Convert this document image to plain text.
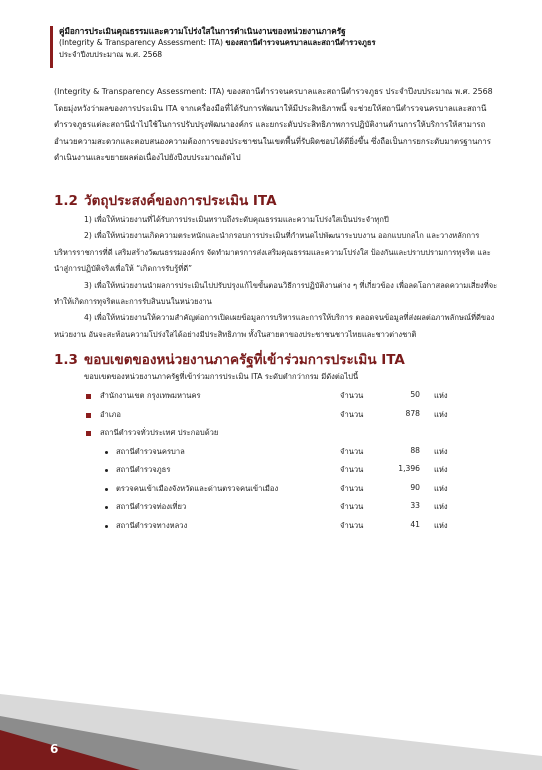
คู่มือการประเมินคุณธรรมและความโปร่งใสในการดำเนินงานของหน่วยงานภาครัฐ
(Integrity & Transparency Assessment: ITA) ของสถานีตำรวจนครบาลและสถานีตำรวจภูธร
ประจำปีงบประมาณ พ.ศ. 2568
(Integrity & Transparency Assessment: ITA) ของสถานีตำรวจนครบาลและสถานีตำรวจภูธร ประจำปีงบประมาณ พ.ศ. 2568 โดยมุ่งหวังว่าผลของการประเมิน ITA จากเครื่องมือที่ได้รับการพัฒนาให้มีประสิทธิภาพนี้ จะช่วยให้สถานีตำรวจนครบาลและสถานีตำรวจภูธรแต่ละสถานีนำไปใช้ในการปรับปรุงพัฒนาองค์กร และยกระดับประสิทธิภาพการปฏิบัติงานด้านการให้บริการให้สามารถอำนวยความสะดวกและตอบสนองความต้องการของประชาชนในเขตพื้นที่รับผิดชอบได้ดียิ่งขึ้น ซึ่งถือเป็นการยกระดับมาตรฐานการดำเนินงานและขยายผลต่อเนื่องไปยังปีงบประมาณถัดไป
1.2 วัตถุประสงค์ของการประเมิน ITA

1) เพื่อให้หน่วยงานที่ได้รับการประเมินทราบถึงระดับคุณธรรมและความโปร่งใสเป็นประจำทุกปี

2) เพื่อให้หน่วยงานเกิดความตระหนักและนำกรอบการประเมินที่กำหนดไปพัฒนาระบบงาน ออกแบบกลไก และวางหลักการบริหารราชการที่ดี เสริมสร้างวัฒนธรรมองค์กร จัดทำมาตรการส่งเสริมคุณธรรมและความโปร่งใส ป้องกันและปราบปรามการทุจริต และนำสู่การปฏิบัติจริงเพื่อให้ “เกิดการรับรู้ที่ดี”

3) เพื่อให้หน่วยงานนำผลการประเมินไปปรับปรุงแก้ไขขั้นตอนวิธีการปฏิบัติงานต่าง ๆ ที่เกี่ยวข้อง เพื่อลดโอกาสลดความเสี่ยงที่จะทำให้เกิดการทุจริตและการรับสินบนในหน่วยงาน

4) เพื่อให้หน่วยงานให้ความสำคัญต่อการเปิดเผยข้อมูลการบริหารและการให้บริการ ตลอดจนข้อมูลที่ส่งผลต่อภาพลักษณ์ที่ดีของหน่วยงาน อันจะสะท้อนความโปร่งใสได้อย่างมีประสิทธิภาพ ทั้งในสายตาของประชาชนชาวไทยและชาวต่างชาติ

1.3 ขอบเขตของหน่วยงานภาครัฐที่เข้าร่วมการประเมิน ITA
ขอบเขตของหน่วยงานภาครัฐที่เข้าร่วมการประเมิน ITA ระดับตำกว่ากรม มีดังต่อไปนี้
สำนักงานเขต กรุงเทพมหานคร	จำนวน	50 แห่ง
อำเภอ	จำนวน	878 แห่ง
สถานีตำรวจทั่วประเทศ ประกอบด้วย
สถานีตำรวจนครบาล	จำนวน	88 แห่ง
สถานีตำรวจภูธร	จำนวน	1,396 แห่ง
ตรวจคนเข้าเมืองจังหวัดและด่านตรวจคนเข้าเมือง	จำนวน	90 แห่ง
สถานีตำรวจท่องเที่ยว	จำนวน	33 แห่ง
สถานีตำรวจทางหลวง	จำนวน	41 แห่ง
6
